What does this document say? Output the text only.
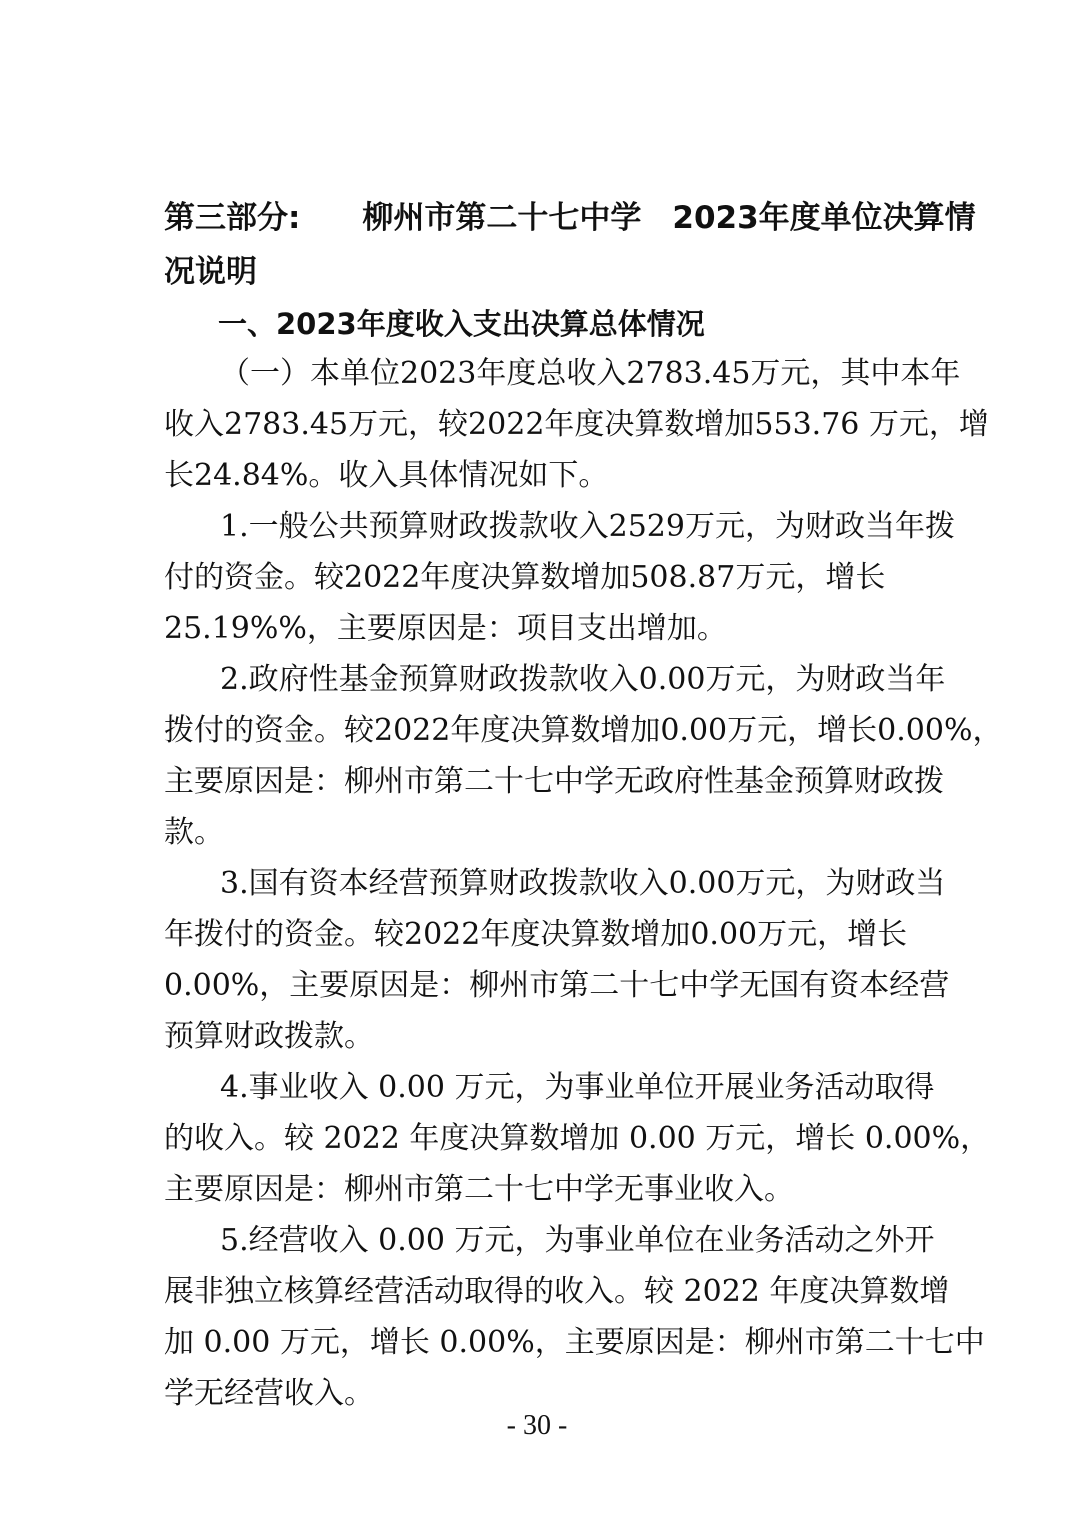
第三部分:　　柳州市第二十七中学　2023年度单位决算情
况说明
一、2023年度收入支出决算总体情况
（一）本单位2023年度总收入2783.45万元，其中本年
收入2783.45万元，较2022年度决算数增加553.76 万元，增
长24.84%。收入具体情况如下。
1.一般公共预算财政拨款收入2529万元，为财政当年拨
付的资金。较2022年度决算数增加508.87万元，增长
25.19%%，主要原因是：项目支出增加。
2.政府性基金预算财政拨款收入0.00万元，为财政当年
拨付的资金。较2022年度决算数增加0.00万元，增长0.00%，
主要原因是：柳州市第二十七中学无政府性基金预算财政拨
款。
3.国有资本经营预算财政拨款收入0.00万元，为财政当
年拨付的资金。较2022年度决算数增加0.00万元，增长
0.00%，主要原因是：柳州市第二十七中学无国有资本经营
预算财政拨款。
4.事业收入 0.00 万元，为事业单位开展业务活动取得
的收入。较 2022 年度决算数增加 0.00 万元，增长 0.00%，
主要原因是：柳州市第二十七中学无事业收入。
5.经营收入 0.00 万元，为事业单位在业务活动之外开
展非独立核算经营活动取得的收入。较 2022 年度决算数增
加 0.00 万元，增长 0.00%，主要原因是：柳州市第二十七中
学无经营收入。
- 30 -
